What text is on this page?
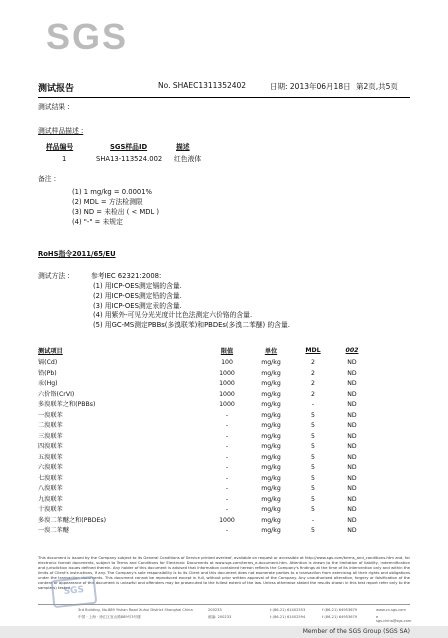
SGS
测试报告	No. SHAEC1311352402	日期: 2013年06月18日 第2页,共5页
测试结果 :
测试样品描述 :
样品编号	SGS样品ID	描述
1	SHA13-113524.002 红色液体
备注 :
(1) 1 mg/kg = 0.0001%
(2) MDL = 方法检测限
(3) ND = 未检出 ( < MDL )
(4) "-" = 未规定
RoHS指令2011/65/EU
测试方法 :	参考IEC 62321:2008:
(1) 用ICP-OES测定镉的含量.
(2) 用ICP-OES测定铅的含量.
(3) 用ICP-OES测定汞的含量.
(4) 用紫外-可见分光光度计比色法测定六价铬的含量.
(5) 用GC-MS测定PBBs(多溴联苯)和PBDEs(多溴二苯醚) 的含量.
测试项目	限值	单位	MDL	002
镉(Cd)	100	mg/kg	2	ND
铅(Pb)	1000	mg/kg	2	ND
汞(Hg)	1000	mg/kg	2	ND
六价铬(CrVI)	1000	mg/kg	2	ND
多溴联苯之和(PBBs)	1000	mg/kg	-	ND
一溴联苯	-	mg/kg	5	ND
二溴联苯	-	mg/kg	5	ND
三溴联苯	-	mg/kg	5	ND
四溴联苯	-	mg/kg	5	ND
五溴联苯	-	mg/kg	5	ND
六溴联苯	-	mg/kg	5	ND
七溴联苯	-	mg/kg	5	ND
八溴联苯	-	mg/kg	5	ND
九溴联苯	-	mg/kg	5	ND
十溴联苯	-	mg/kg	5	ND
多溴二苯醚之和(PBDEs)	1000	mg/kg	-	ND
一溴二苯醚	-	mg/kg	5	ND
This document is issued by the Company subject to its General Conditions of Service printed overleaf, available on request or accessible at http://www.sgs.com/terms_and_conditions.htm and, for electronic format documents, subject to Terms and Conditions for Electronic Documents at www.sgs.com/terms_e-document.htm. Attention is drawn to the limitation of liability, indemnification and jurisdiction issues defined therein. Any holder of this document is advised that information contained hereon reflects the Company's findings at the time of its intervention only and within the limits of Client's instructions, if any. The Company's sole responsibility is to its Client and this document does not exonerate parties to a transaction from exercising all their rights and obligations under the transaction documents. This document cannot be reproduced except in full, without prior written approval of the Company. Any unauthorized alteration, forgery or falsification of the content or appearance of this document is unlawful and offenders may be prosecuted to the fullest extent of the law. Unless otherwise stated the results shown in this test report refer only to the sample(s) tested.
SGS
3rd Building, No.889 Yishan Road Xuhui District Shanghai China	200233	t (86-21) 61402553	f (86-21) 64953679	www.cn.sgs.com
中国 · 上海 · 徐汇区宜山路889号3号楼	邮编: 200233	t (86-21) 61402594	f (86-21) 64953679	e sgs.china@sgs.com
Member of the SGS Group (SGS SA)
